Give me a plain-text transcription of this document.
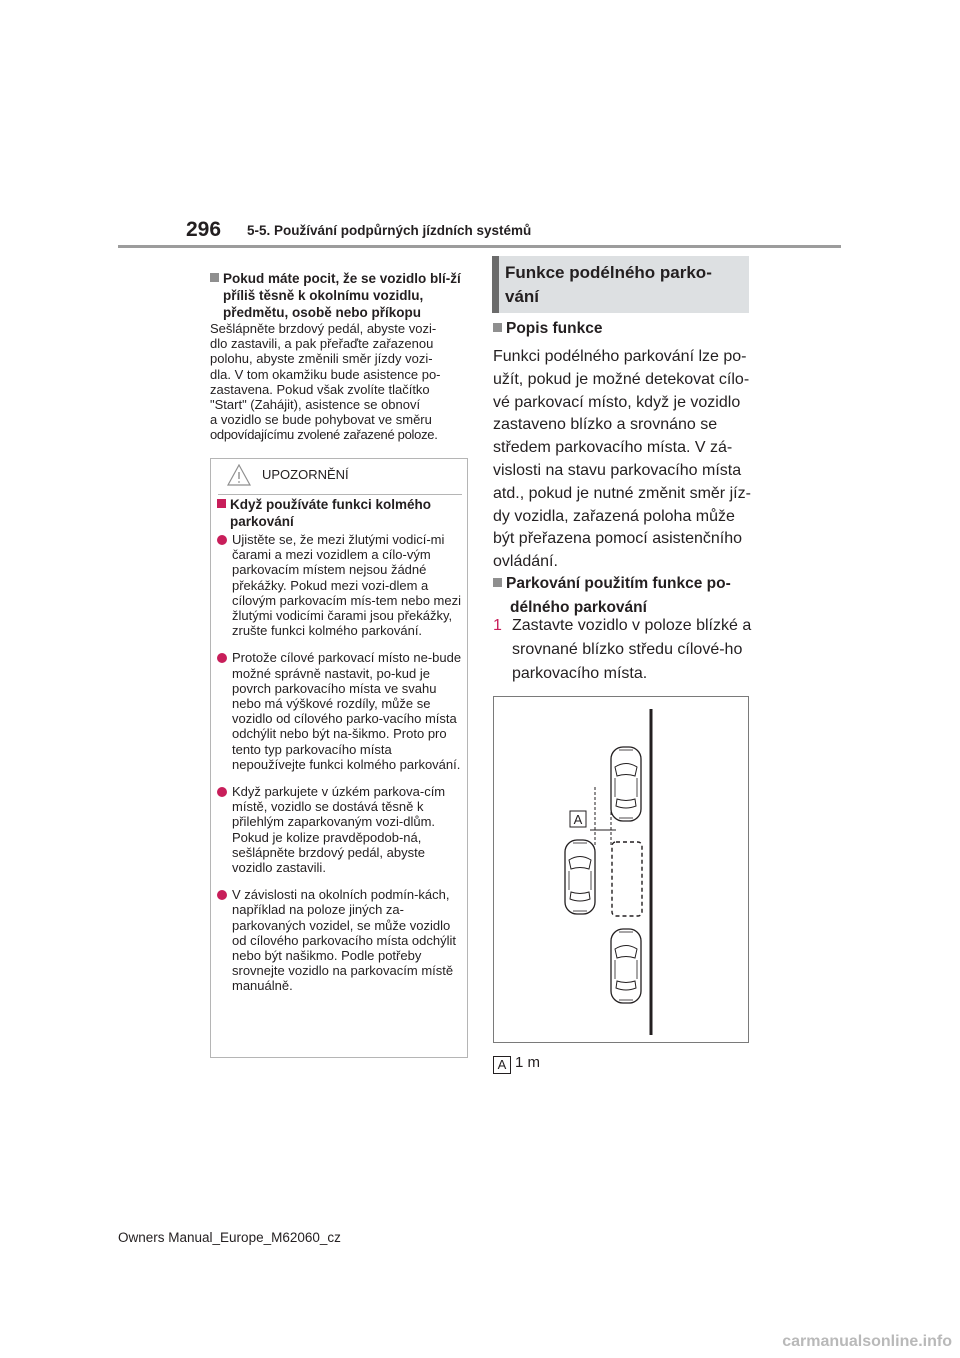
296 5-5. Používání podpůrných jízdních systémů

Pokud máte pocit, že se vozidlo blí-ží příliš těsně k okolnímu vozidlu, předmětu, osobě nebo příkopu

Sešlápněte brzdový pedál, abyste vozi-
dlo zastavili, a pak přeřaďte zařazenou
polohu, abyste změnili směr jízdy vozi-
dla. V tom okamžiku bude asistence po-
zastavena. Pokud však zvolíte tlačítko
"Start" (Zahájit), asistence se obnoví
a vozidlo se bude pohybovat ve směru
odpovídajícímu zvolené zařazené poloze.

UPOZORNĚNÍ

Když používáte funkci kolmého parkování

Ujistěte se, že mezi žlutými vodicí-mi čarami a mezi vozidlem a cílo-vým parkovacím místem nejsou žádné překážky. Pokud mezi vozi-dlem a cílovým parkovacím mís-tem nebo mezi žlutými vodicími čarami jsou překážky, zrušte funkci kolmého parkování.
Protože cílové parkovací místo ne-bude možné správně nastavit, po-kud je povrch parkovacího místa ve svahu nebo má výškové rozdíly, může se vozidlo od cílového parko-vacího místa odchýlit nebo být na-šikmo. Proto pro tento typ parkovacího místa nepoužívejte funkci kolmého parkování.
Když parkujete v úzkém parkova-cím místě, vozidlo se dostává těsně k přilehlým zaparkovaným vozi-dlům. Pokud je kolize pravděpodob-ná, sešlápněte brzdový pedál, abyste vozidlo zastavili.
V závislosti na okolních podmín-kách, například na poloze jiných za-parkovaných vozidel, se může vozidlo od cílového parkovacího místa odchýlit nebo být našikmo. Podle potřeby srovnejte vozidlo na parkovacím místě manuálně.

Funkce podélného parko-vání

Popis funkce

Funkci podélného parkování lze po-
užít, pokud je možné detekovat cílo-
vé parkovací místo, když je vozidlo
zastaveno blízko a srovnáno se
středem parkovacího místa. V zá-
vislosti na stavu parkovacího místa
atd., pokud je nutné změnit směr jíz-
dy vozidla, zařazená poloha může
být přeřazena pomocí asistenčního
ovládání.

Parkování použitím funkce po-délného parkování

1 Zastavte vozidlo v poloze blízké a srovnané blízko středu cílové-ho parkovacího místa.

A

A 1 m

Owners Manual_Europe_M62060_cz

carmanualsonline.info
